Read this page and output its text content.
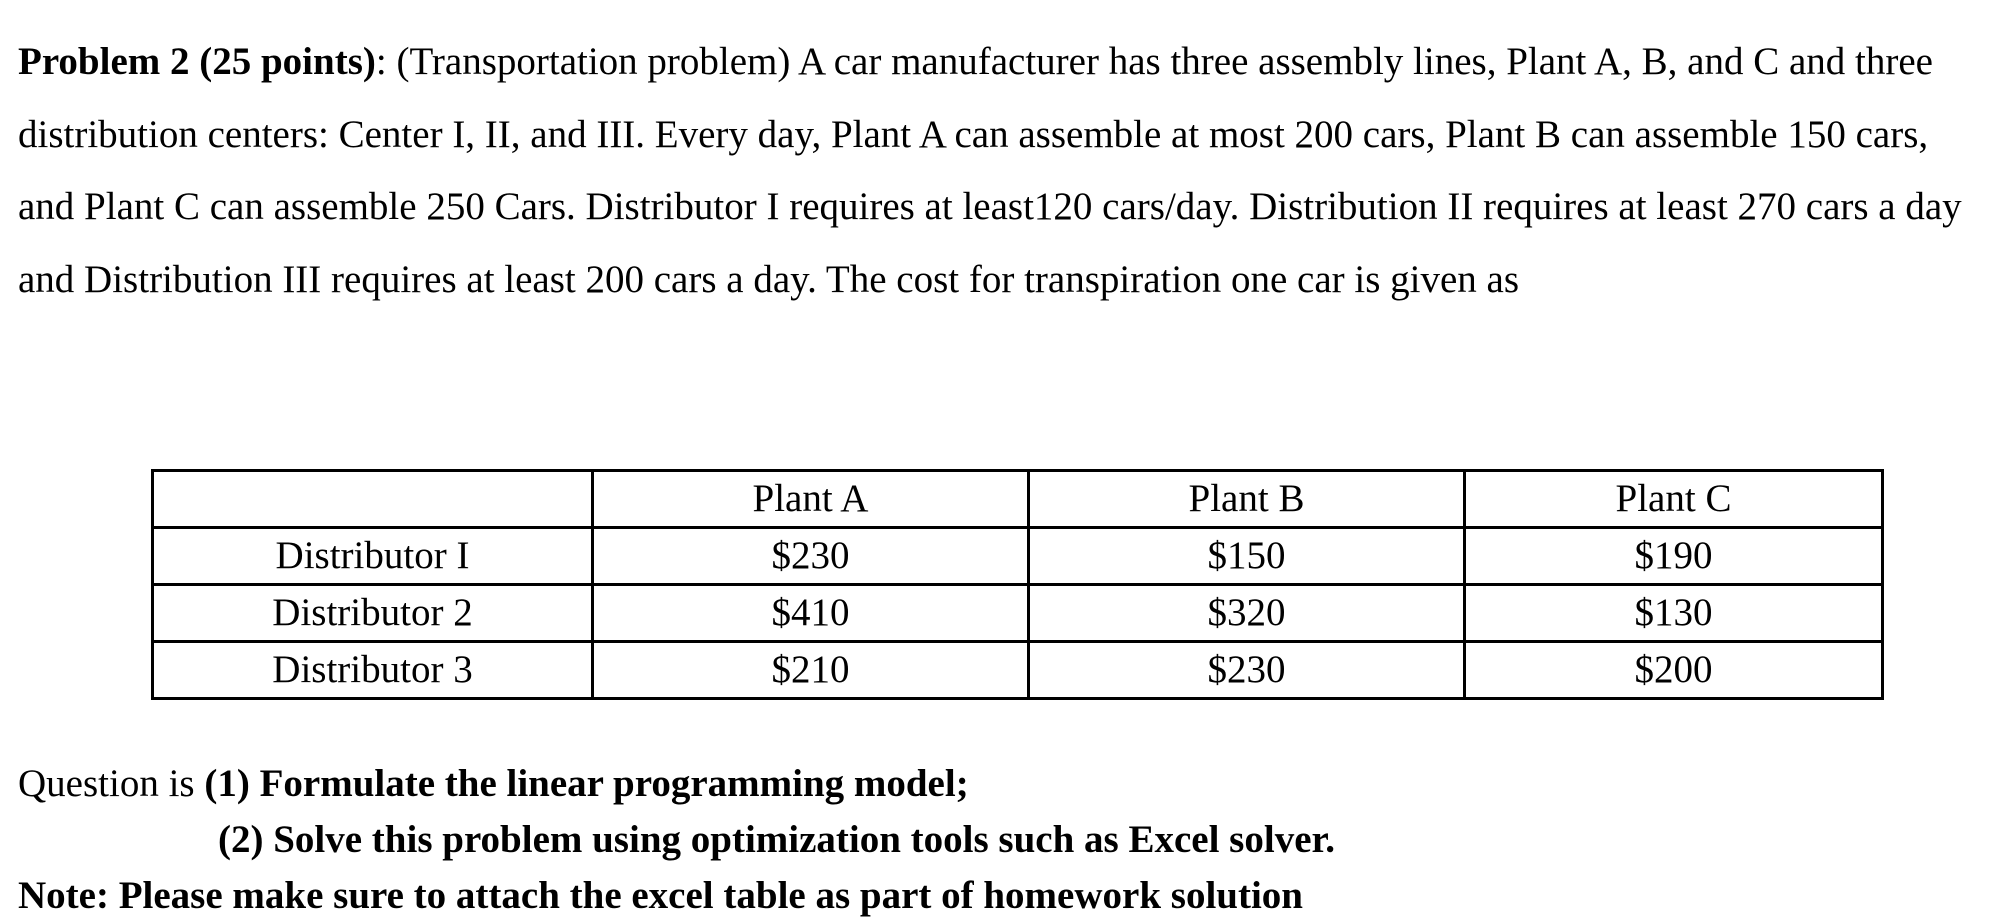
Problem 2 (25 points): (Transportation problem) A car manufacturer has three assembly lines, Plant A, B, and C and three distribution centers: Center I, II, and III. Every day, Plant A can assemble at most 200 cars, Plant B can assemble 150 cars, and Plant C can assemble 250 Cars. Distributor I requires at least120 cars/day. Distribution II requires at least 270 cars a day and Distribution III requires at least 200 cars a day. The cost for transpiration one car is given as

	Plant A	Plant B	Plant C
Distributor I	$230	$150	$190
Distributor 2	$410	$320	$130
Distributor 3	$210	$230	$200
Question is (1) Formulate the linear programming model;
(2) Solve this problem using optimization tools such as Excel solver.
Note: Please make sure to attach the excel table as part of homework solution
